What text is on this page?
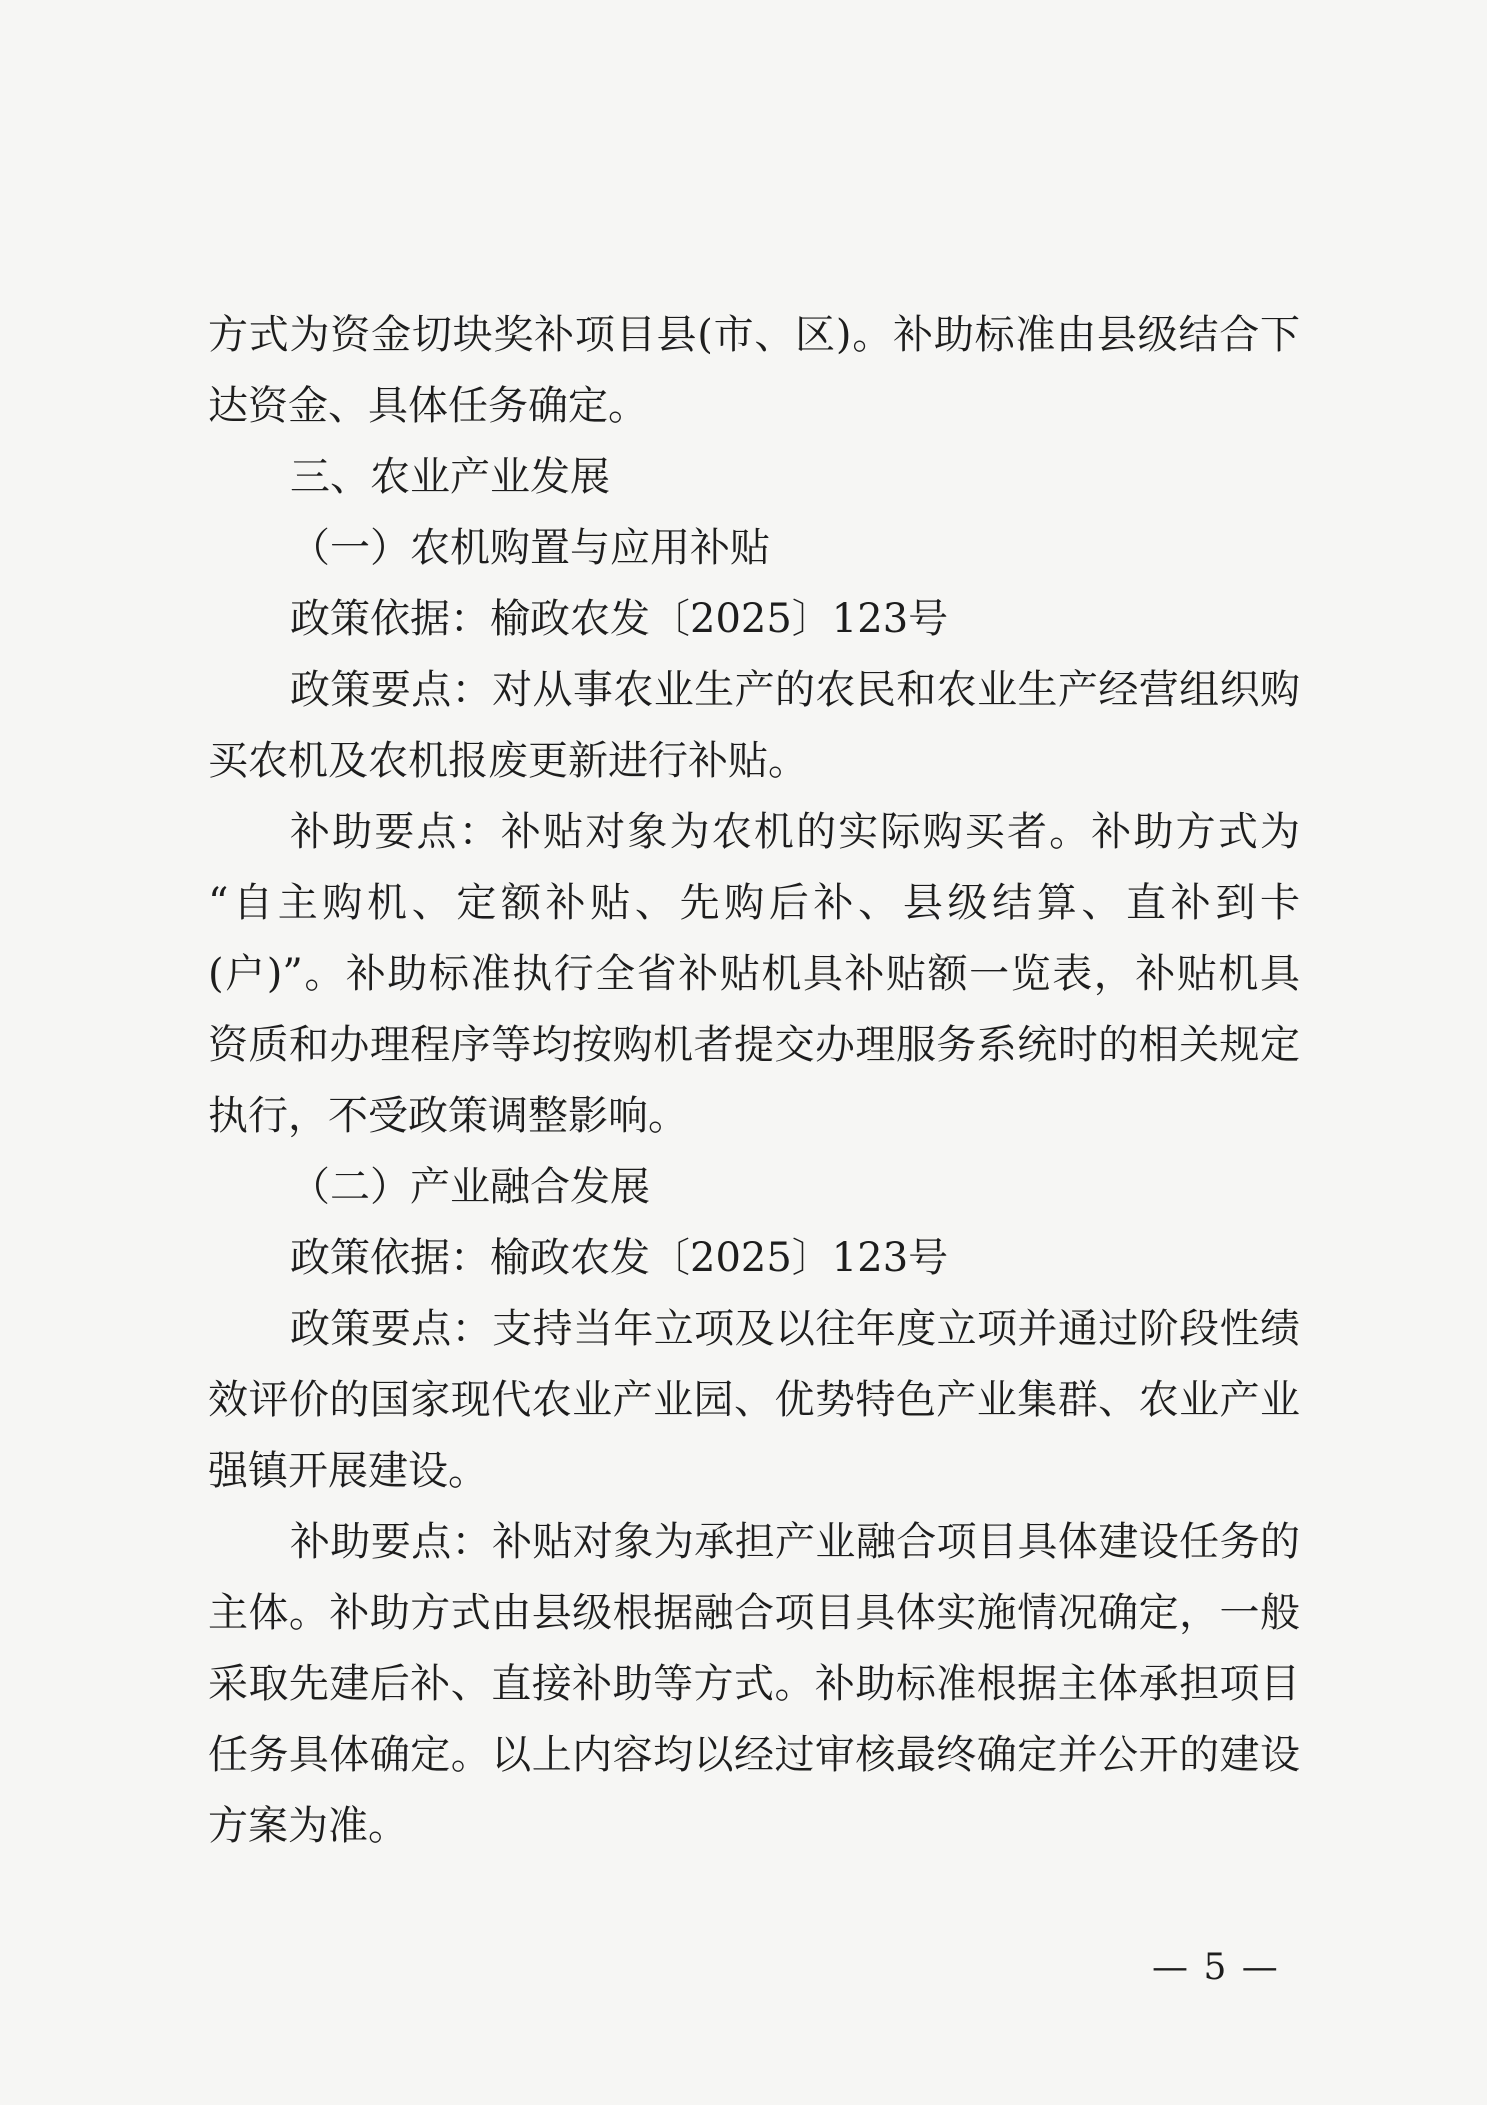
方式为资金切块奖补项目县(市、区)。补助标准由县级结合下
达资金、具体任务确定。
三、农业产业发展
（一）农机购置与应用补贴
政策依据：榆政农发〔2025〕123号
政策要点：对从事农业生产的农民和农业生产经营组织购
买农机及农机报废更新进行补贴。
补助要点：补贴对象为农机的实际购买者。补助方式为
“自主购机、定额补贴、先购后补、县级结算、直补到卡
(户)”。补助标准执行全省补贴机具补贴额一览表，补贴机具
资质和办理程序等均按购机者提交办理服务系统时的相关规定
执行，不受政策调整影响。
（二）产业融合发展
政策依据：榆政农发〔2025〕123号
政策要点：支持当年立项及以往年度立项并通过阶段性绩
效评价的国家现代农业产业园、优势特色产业集群、农业产业
强镇开展建设。
补助要点：补贴对象为承担产业融合项目具体建设任务的
主体。补助方式由县级根据融合项目具体实施情况确定，一般
采取先建后补、直接补助等方式。补助标准根据主体承担项目
任务具体确定。以上内容均以经过审核最终确定并公开的建设
方案为准。
— 5 —
